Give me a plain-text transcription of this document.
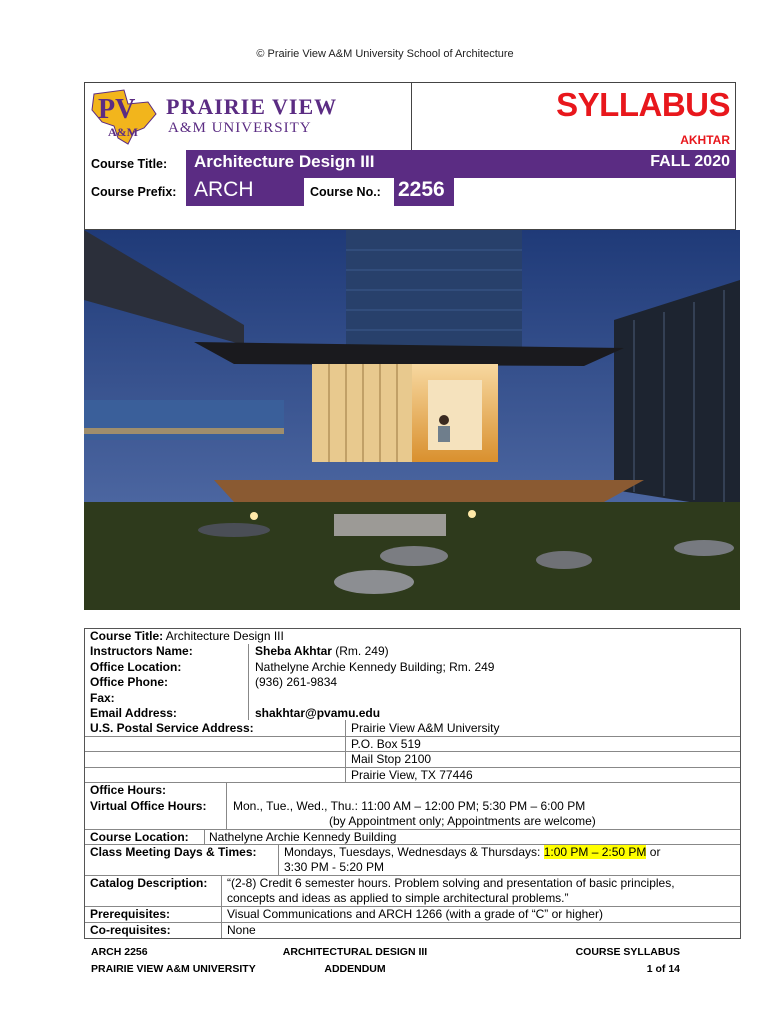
© Prairie View A&M University School of Architecture
PV
A&M
PRAIRIE VIEW
A&M UNIVERSITY
SYLLABUS
AKHTAR
Course Title: Architecture Design III	FALL 2020
Course Prefix: ARCH	Course No.: 2256
Course Title: Architecture Design III
Instructors Name:	Sheba Akhtar (Rm. 249)
Office Location:	Nathelyne Archie Kennedy Building; Rm. 249
Office Phone:	(936) 261-9834
Fax:
Email Address:	shakhtar@pvamu.edu
U.S. Postal Service Address:	Prairie View A&M University
P.O. Box 519
Mail Stop 2100
Prairie View, TX 77446
Office Hours:
Virtual Office Hours: Mon., Tue., Wed., Thu.: 11:00 AM – 12:00 PM; 5:30 PM – 6:00 PM
(by Appointment only; Appointments are welcome)
Course Location: Nathelyne Archie Kennedy Building
Class Meeting Days & Times: Mondays, Tuesdays, Wednesdays & Thursdays: 1:00 PM – 2:50 PM or
3:30 PM - 5:20 PM
Catalog Description: “(2-8) Credit 6 semester hours. Problem solving and presentation of basic principles,
concepts and ideas as applied to simple architectural problems.”
Prerequisites:	Visual Communications and ARCH 1266 (with a grade of “C” or higher)
Co-requisites:	None
ARCH 2256
PRAIRIE VIEW A&M UNIVERSITY
ARCHITECTURAL DESIGN III
ADDENDUM
COURSE SYLLABUS
1 of 14
